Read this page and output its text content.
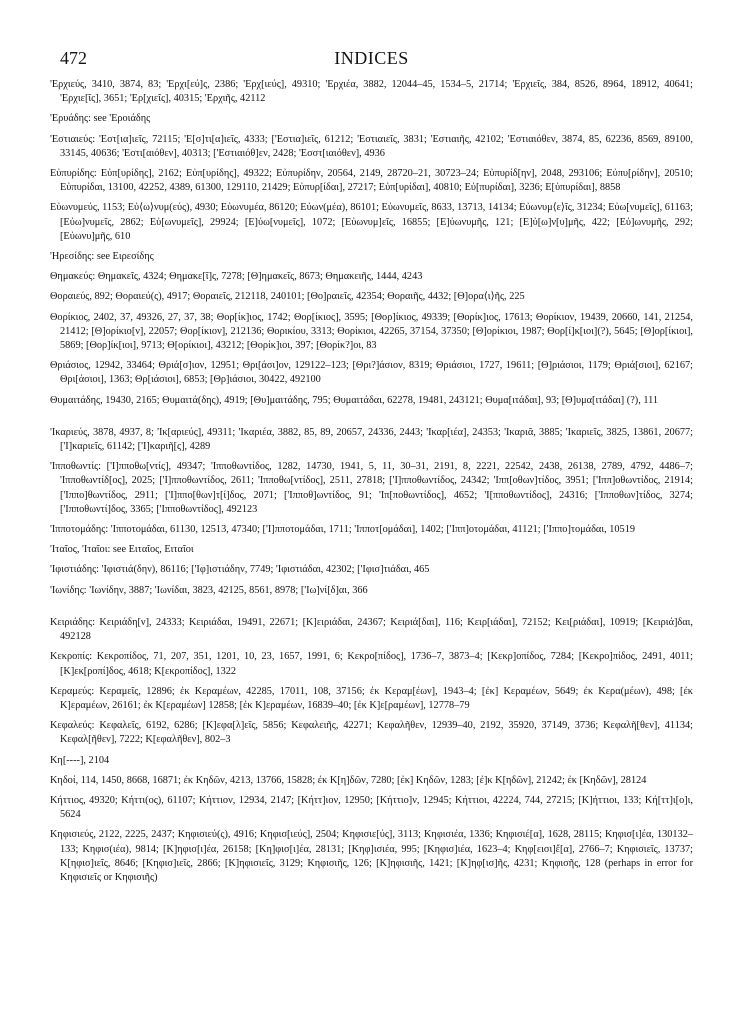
472	INDICES

'Ερχιεύς, 3410, 3874, 83; 'Ερχι[εύ]ς, 2386; 'Ερχ[ιεύς], 49310; 'Ερχιέα, 3882, 12044–45, 1534–5, 21714; 'Ερχιεῖς, 384, 8526, 8964, 18912, 40641; 'Ερχιε[ῖς], 3651; 'Ερ[χιεῖς], 40315; 'Ερχιῆς, 42112

'Ερυάδης: see 'Εροιάδης

'Εστιαιεύς: 'Εστ[ια]ιεῖς, 72115; 'Ε[σ]τι[α]ιεῖς, 4333; ['Εστια]ιεῖς, 61212; 'Εστιαιεῖς, 3831; 'Εστιαιῆς, 42102; 'Εστιαιόθεν, 3874, 85, 62236, 8569, 89100, 33145, 40636; 'Εστι[αιόθεν], 40313; ['Εστιαιόθ]εν, 2428; 'Εσστ[ιαιόθεν], 4936

Εὐπυρίδης: Εὐπ[υρίδης], 2162; Εὐπ[υρίδης], 49322; Εὐπυρίδην, 20564, 2149, 28720–21, 30723–24; Εὐπυρίδ[ην], 2048, 293106; Εὐπυ[ρίδην], 20510; Εὐπυρίδαι, 13100, 42252, 4389, 61300, 129110, 21429; Εὐπυρ[ίδαι], 27217; Εὐπ[υρίδαι], 40810; Εὐ[πυρίδαι], 3236; Ε[ὐπυρίδαι], 8858

Εὐωνυμεύς, 1153; Εὐ⟨ω⟩νυμ(εύς), 4930; Εὐωνυμέα, 86120; Εὐων(μέα), 86101; Εὐωνυμεῖς, 8633, 13713, 14134; Εὐωνυμ⟨ε⟩ῖς, 31234; Εὐω[νυμεῖς], 61163; [Εὐω]νυμεῖς, 2862; Εὐ[ωνυμεῖς], 29924; [Ε]ὐω[νυμεῖς], 1072; [Εὐωνυμ]εῖς, 16855; [Ε]ὐωνυμῆς, 121; [Ε]ὐ[ω]ν[υ]μῆς, 422; [Εὐ]ωνυμῆς, 292; [Εὐωνυ]μῆς, 610

'Ηρεσίδης: see Ειρεσίδης

Θημακεύς: Θημακεῖς, 4324; Θημακε[ῖ]ς, 7278; [Θ]ημακεῖς, 8673; Θημακειῆς, 1444, 4243

Θοραιεύς, 892; Θοραιεύ(ς), 4917; Θοραιεῖς, 212118, 240101; [Θο]ραιεῖς, 42354; Θοραιῆς, 4432; [Θ]ορα⟨ι⟩ῆς, 225

Θορίκιος, 2402, 37, 49326, 27, 37, 38; Θορ[ίκ]ιος, 1742; Θορ[ίκιος], 3595; [Θορ]ίκιος, 49339; [Θορίκ]ιος, 17613; Θορίκιον, 19439, 20660, 141, 21254, 21412; [Θ]ορίκιο[ν], 22057; Θορ[ίκιον], 212136; Θορικίου, 3313; Θορίκιοι, 42265, 37154, 37350; [Θ]ορίκιοι, 1987; Θορ[ί]κ[ιοι](?), 5645; [Θ]ορ[ίκιοι], 5869; [Θορ]ίκ[ιοι], 9713; Θ[ορίκιοι], 43212; [Θορίκ]ιοι, 397; [Θορίκ?]οι, 83

Θριάσιος, 12942, 33464; Θριά[σ]ιον, 12951; Θρι[άσι]ον, 129122–123; [Θρι?]άσιον, 8319; Θριάσιοι, 1727, 19611; [Θ]ριάσιοι, 1179; Θριά[σιοι], 62167; Θρι[άσιοι], 1363; Θρ[ιάσιοι], 6853; [Θρ]ιάσιοι, 30422, 492100

Θυμαιτάδης, 19430, 2165; Θυμαιτά(δης), 4919; [Θυ]μαιτάδης, 795; Θυμαιτάδαι, 62278, 19481, 243121; Θυμα[ιτάδαι], 93; [Θ]υμα[ιτάδαι] (?), 111

'Ικαριεύς, 3878, 4937, 8; 'Ικ[αριεύς], 49311; 'Ικαριέα, 3882, 85, 89, 20657, 24336, 2443; 'Ικαρ[ιέα], 24353; 'Ικαριᾶ, 3885; 'Ικαριεῖς, 3825, 13861, 20677; ['Ι]καριεῖς, 61142; ['Ι]καριῆ[ς], 4289

'Ιπποθωντίς: ['Ι]πποθω[ντίς], 49347; 'Ιπποθωντίδος, 1282, 14730, 1941, 5, 11, 30–31, 2191, 8, 2221, 22542, 2438, 26138, 2789, 4792, 4486–7; 'Ιπποθωντίδ[ος], 2025; ['Ι]πποθωντίδος, 2611; 'Ιπποθω[ντίδος], 2511, 27818; ['Ι]πποθωντίδος, 24342; 'Ιππ[οθων]τίδος, 3951; ['Ιππ]οθωντίδος, 21914; ['Ιππο]θωντίδος, 2911; ['Ι]ππο[θων]τ[ί]δος, 2071; ['Ιπποθ]ωντίδος, 91; 'Ιπ[ποθωντίδος], 4652; 'Ι[πποθωντίδος], 24316; ['Ιπποθων]τίδος, 3274; ['Ιπποθωντί]δος, 3365; ['Ιπποθωντίδος], 492123

'Ιπποτομάδης: 'Ιπποτομάδαι, 61130, 12513, 47340; ['Ι]πποτομάδαι, 1711; 'Ιπποτ[ομάδαι], 1402; ['Ιππ]οτομάδαι, 41121; ['Ιππο]τομάδαι, 10519

'Ιταῖος, 'Ιταῖοι: see Ειταῖος, Ειταῖοι

'Ιφιστιάδης: 'Ιφιστιά(δην), 86116; ['Ιφ]ιστιάδην, 7749; 'Ιφιστιάδαι, 42302; ['Ιφισ]τιάδαι, 465

'Ιωνίδης: 'Ιωνίδην, 3887; 'Ιωνίδαι, 3823, 42125, 8561, 8978; ['Ιω]νί[δ]αι, 366

Κειριάδης: Κειριάδη[ν], 24333; Κειριάδαι, 19491, 22671; [Κ]ειριάδαι, 24367; Κειριά[δαι], 116; Κειρ[ιάδαι], 72152; Κει[ριάδαι], 10919; [Κειριά]δαι, 492128

Κεκροπίς: Κεκροπίδος, 71, 207, 351, 1201, 10, 23, 1657, 1991, 6; Κεκρο[πίδος], 1736–7, 3873–4; [Κεκρ]οπίδος, 7284; [Κεκρο]πίδος, 2491, 4011; [Κ]εκ[ροπί]δος, 4618; Κ[εκροπίδος], 1322

Κεραμεύς: Κεραμεῖς, 12896; ἐκ Κεραμέων, 42285, 17011, 108, 37156; ἐκ Κεραμ[έων], 1943–4; [ἐκ] Κεραμέων, 5649; ἐκ Κερα(μέων), 498; [ἐκ Κ]εραμέων, 26161; ἐκ Κ[εραμέων] 12858; [ἐκ Κ]εραμέων, 16839–40; [ἐκ Κ]ε[ραμέων], 12778–79

Κεφαλεύς: Κεφαλεῖς, 6192, 6286; [Κ]εφα[λ]εῖς, 5856; Κεφαλειῆς, 42271; Κεφαλῆθεν, 12939–40, 2192, 35920, 37149, 3736; Κεφαλῆ[θεν], 41134; Κεφαλ[ῆθεν], 7222; Κ[εφαλῆθεν], 802–3

Κη[----], 2104

Κηδοί, 114, 1450, 8668, 16871; ἐκ Κηδῶν, 4213, 13766, 15828; ἐκ Κ[η]δῶν, 7280; [ἐκ] Κηδῶν, 1283; [ἐ]κ Κ[ηδῶν], 21242; ἐκ [Κηδῶν], 28124

Κήττιος, 49320; Κήττι(ος), 61107; Κήττιον, 12934, 2147; [Κήττ]ιον, 12950; [Κήττιο]ν, 12945; Κήττιοι, 42224, 744, 27215; [Κ]ήττιοι, 133; Κή[ττ]ι[ο]ι, 5624

Κηφισιεύς, 2122, 2225, 2437; Κηφισιεύ(ς), 4916; Κηφισ[ιεύς], 2504; Κηφισιε[ύς], 3113; Κηφισιέα, 1336; Κηφισιέ[α], 1628, 28115; Κηφισ[ι]έα, 130132–133; Κηφισ(ιέα), 9814; [Κ]ηφισ[ι]έα, 26158; [Κη]φισ[ι]έα, 28131; [Κηφ]ισιέα, 995; [Κηφισ]ιέα, 1623–4; Κηφ[εισι]ἔ[α], 2766–7; Κηφισιεῖς, 13737; Κ[ηφισ]ιεῖς, 8646; [Κηφισ]ιεῖς, 2866; [Κ]ηφισιεῖς, 3129; Κηφισιῆς, 126; [Κ]ηφισιῆς, 1421; [Κ]ηφ[ισ]ῆς, 4231; Κηφισῆς, 128 (perhaps in error for Κηφισιεῖς or Κηφισιῆς)
